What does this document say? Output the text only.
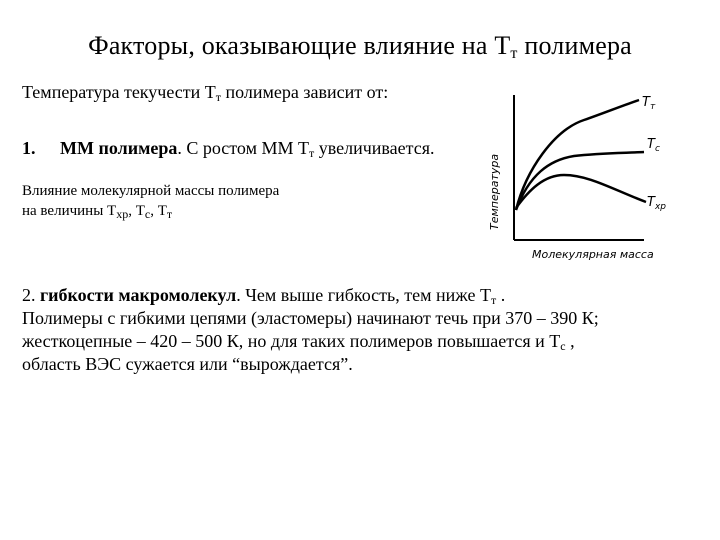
Факторы, оказывающие влияние на $Т_т$ полимера
Температура текучести $Т_т$ полимера зависит от:
1. ММ полимера. С ростом ММ $Т_т$ увеличивается.
Влияние молекулярной массы полимера
на величины $Т_{хр}$, $Т_с$, $Т_т$
$Т_т$
$Т_с$
$Т_{хр}$
Температура
Молекулярная масса
2. гибкости макромолекул. Чем выше гибкость, тем ниже $Т_т$ .
Полимеры с гибкими цепями (эластомеры) начинают течь при 370 – 390 К;
жесткоцепные – 420 – 500 К, но для таких полимеров повышается и $Т_с$ ,
область ВЭС сужается или “вырождается”.
